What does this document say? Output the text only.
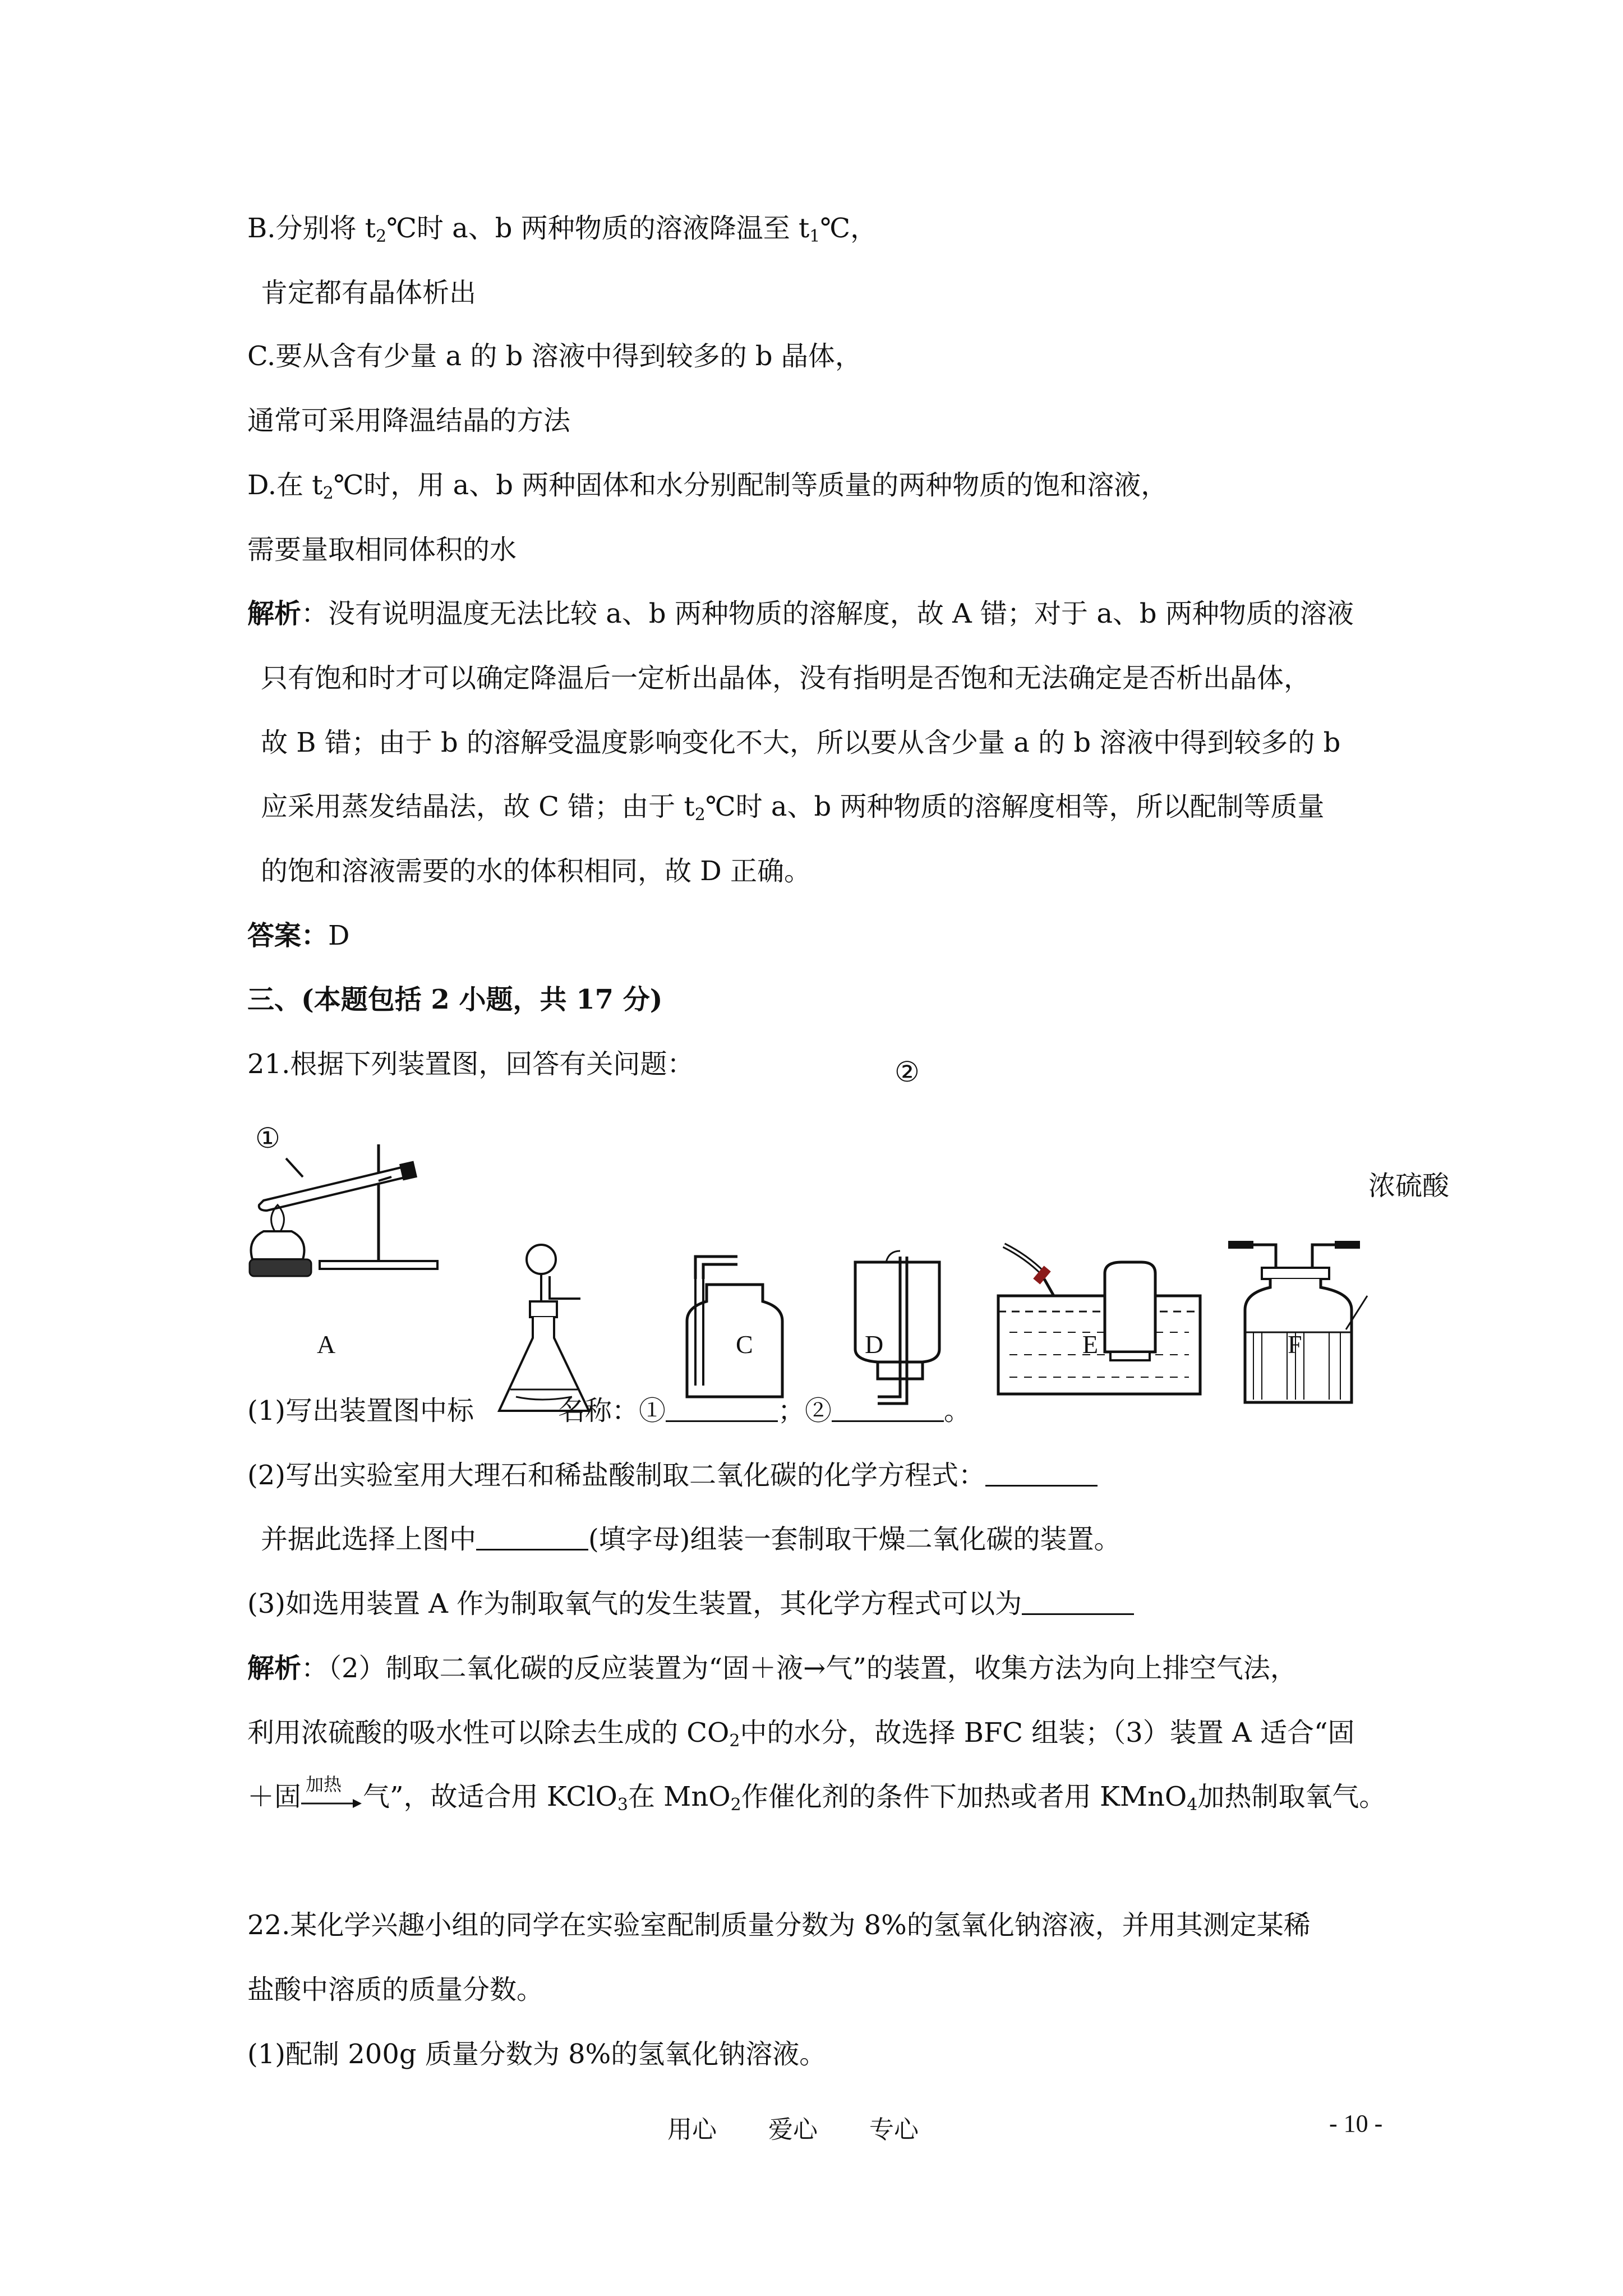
B.分别将 $t_2℃$时 a、b 两种物质的溶液降温至 $t_1℃$，
肯定都有晶体析出
C.要从含有少量 a 的 b 溶液中得到较多的 b 晶体，
通常可采用降温结晶的方法
D.在 $t_2℃$时，用 a、b 两种固体和水分别配制等质量的两种物质的饱和溶液，
需要量取相同体积的水
解析：没有说明温度无法比较 a、b 两种物质的溶解度，故 A 错；对于 a、b 两种物质的溶液
只有饱和时才可以确定降温后一定析出晶体，没有指明是否饱和无法确定是否析出晶体，
故 B 错；由于 b 的溶解受温度影响变化不大，所以要从含少量 a 的 b 溶液中得到较多的 b
应采用蒸发结晶法，故 C 错；由于 $t_2℃$时 a、b 两种物质的溶解度相等，所以配制等质量
的饱和溶液需要的水的体积相同，故 D 正确。
答案：D
三、(本题包括 2 小题，共 17 分)
21.根据下列装置图，回答有关问题：	②
①
浓硫酸
A	C	D	E	F
(1)写出装置图中标	名称：①	；②	。
(2)写出实验室用大理石和稀盐酸制取二氧化碳的化学方程式：
并据此选择上图中	(填字母)组装一套制取干燥二氧化碳的装置。
(3)如选用装置 A 作为制取氧气的发生装置，其化学方程式可以为
解析：（2）制取二氧化碳的反应装置为“固＋液→气”的装置，收集方法为向上排空气法，
利用浓硫酸的吸水性可以除去生成的 $CO_2$中的水分，故选择 BFC 组装；（3）装置 A 适合“固
＋固 加热 气”，故适合用 KClO$_3$在 MnO$_2$作催化剂的条件下加热或者用 KMnO$_4$加热制取氧气。
22.某化学兴趣小组的同学在实验室配制质量分数为 8%的氢氧化钠溶液，并用其测定某稀
盐酸中溶质的质量分数。
(1)配制 200g 质量分数为 8%的氢氧化钠溶液。
用心 爱心 专心	- 10 -
